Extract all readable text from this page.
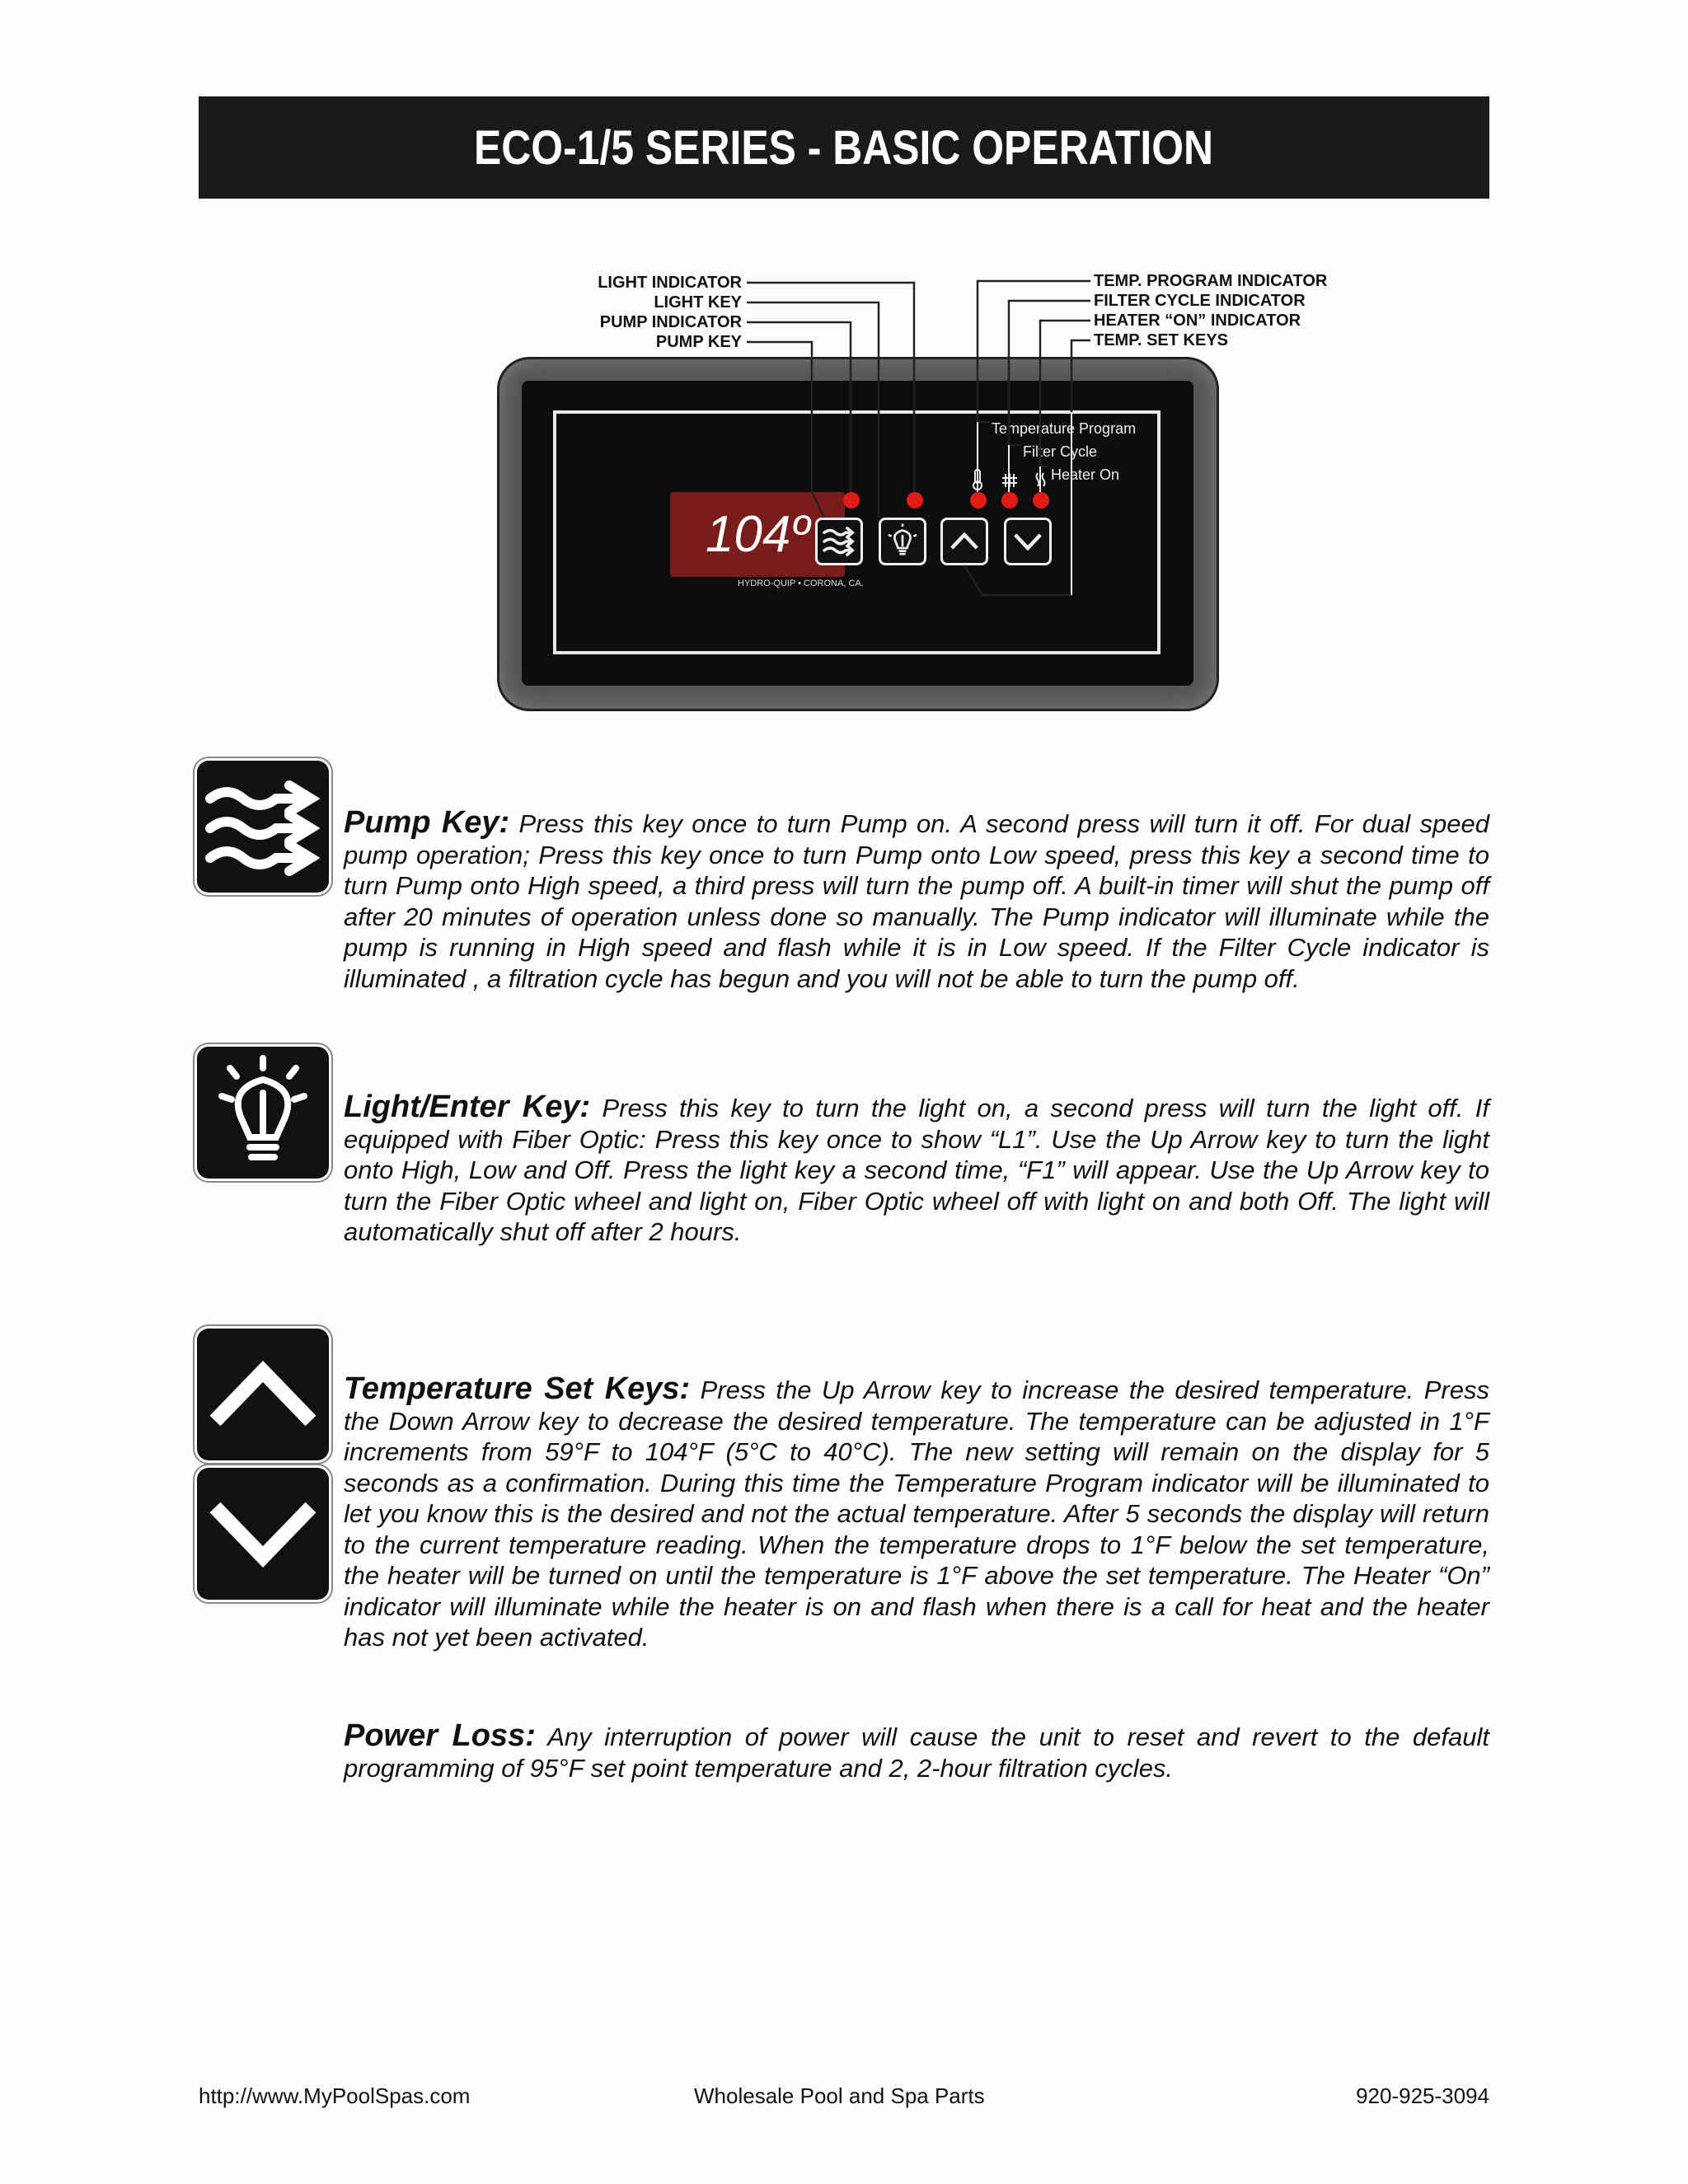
ECO-1/5 SERIES - BASIC OPERATION
LIGHT INDICATOR
LIGHT KEY
PUMP INDICATOR
PUMP KEY
TEMP. PROGRAM INDICATOR
FILTER CYCLE INDICATOR
HEATER “ON” INDICATOR
TEMP. SET KEYS
104º
HYDRO-QUIP • CORONA, CA.
Temperature Program
Filter Cycle
Heater On
Pump Key: Press this key once to turn Pump on. A second press will turn it off. For dual speed pump operation; Press this key once to turn Pump onto Low speed, press this key a second time to turn Pump onto High speed, a third press will turn the pump off. A built-in timer will shut the pump off after 20 minutes of operation unless done so manually. The Pump indicator will illuminate while the pump is running in High speed and flash while it is in Low speed. If the Filter Cycle indicator is illuminated , a filtration cycle has begun and you will not be able to turn the pump off.
Light/Enter Key: Press this key to turn the light on, a second press will turn the light off. If equipped with Fiber Optic: Press this key once to show “L1”. Use the Up Arrow key to turn the light onto High, Low and Off. Press the light key a second time, “F1” will appear. Use the Up Arrow key to turn the Fiber Optic wheel and light on, Fiber Optic wheel off with light on and both Off. The light will automatically shut off after 2 hours.
Temperature Set Keys: Press the Up Arrow key to increase the desired temperature. Press the Down Arrow key to decrease the desired temperature. The temperature can be adjusted in 1°F increments from 59°F to 104°F (5°C to 40°C). The new setting will remain on the display for 5 seconds as a confirmation. During this time the Temperature Program indicator will be illuminated to let you know this is the desired and not the actual temperature. After 5 seconds the display will return to the current temperature reading. When the temperature drops to 1°F below the set temperature, the heater will be turned on until the temperature is 1°F above the set temperature. The Heater “On” indicator will illuminate while the heater is on and flash when there is a call for heat and the heater has not yet been activated.
Power Loss: Any interruption of power will cause the unit to reset and revert to the default programming of 95°F set point temperature and 2, 2-hour filtration cycles.
http://www.MyPoolSpas.com	Wholesale Pool and Spa Parts	920-925-3094
